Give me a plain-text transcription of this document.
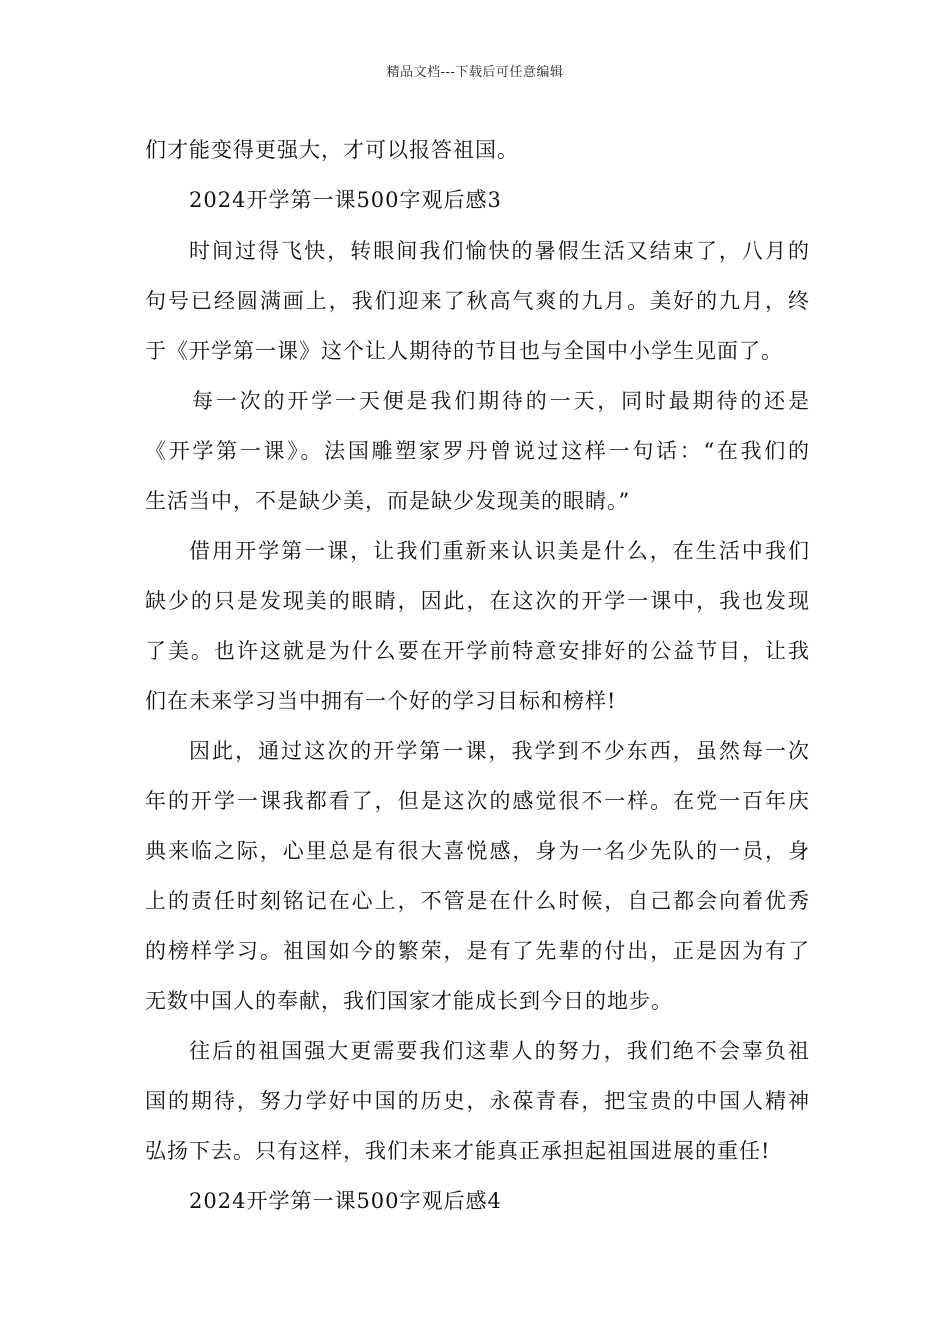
精品文档---下载后可任意编辑
们才能变得更强大，才可以报答祖国。
2024开学第一课500字观后感3
时间过得飞快，转眼间我们愉快的暑假生活又结束了，八月的
句号已经圆满画上，我们迎来了秋高气爽的九月。美好的九月，终
于《开学第一课》这个让人期待的节目也与全国中小学生见面了。
每一次的开学一天便是我们期待的一天，同时最期待的还是
《开学第一课》。法国雕塑家罗丹曾说过这样一句话：“在我们的
生活当中，不是缺少美，而是缺少发现美的眼睛。”
借用开学第一课，让我们重新来认识美是什么，在生活中我们
缺少的只是发现美的眼睛，因此，在这次的开学一课中，我也发现
了美。也许这就是为什么要在开学前特意安排好的公益节目，让我
们在未来学习当中拥有一个好的学习目标和榜样!
因此，通过这次的开学第一课，我学到不少东西，虽然每一次
年的开学一课我都看了，但是这次的感觉很不一样。在党一百年庆
典来临之际，心里总是有很大喜悦感，身为一名少先队的一员，身
上的责任时刻铭记在心上，不管是在什么时候，自己都会向着优秀
的榜样学习。祖国如今的繁荣，是有了先辈的付出，正是因为有了
无数中国人的奉献，我们国家才能成长到今日的地步。
往后的祖国强大更需要我们这辈人的努力，我们绝不会辜负祖
国的期待，努力学好中国的历史，永葆青春，把宝贵的中国人精神
弘扬下去。只有这样，我们未来才能真正承担起祖国进展的重任!
2024开学第一课500字观后感4
